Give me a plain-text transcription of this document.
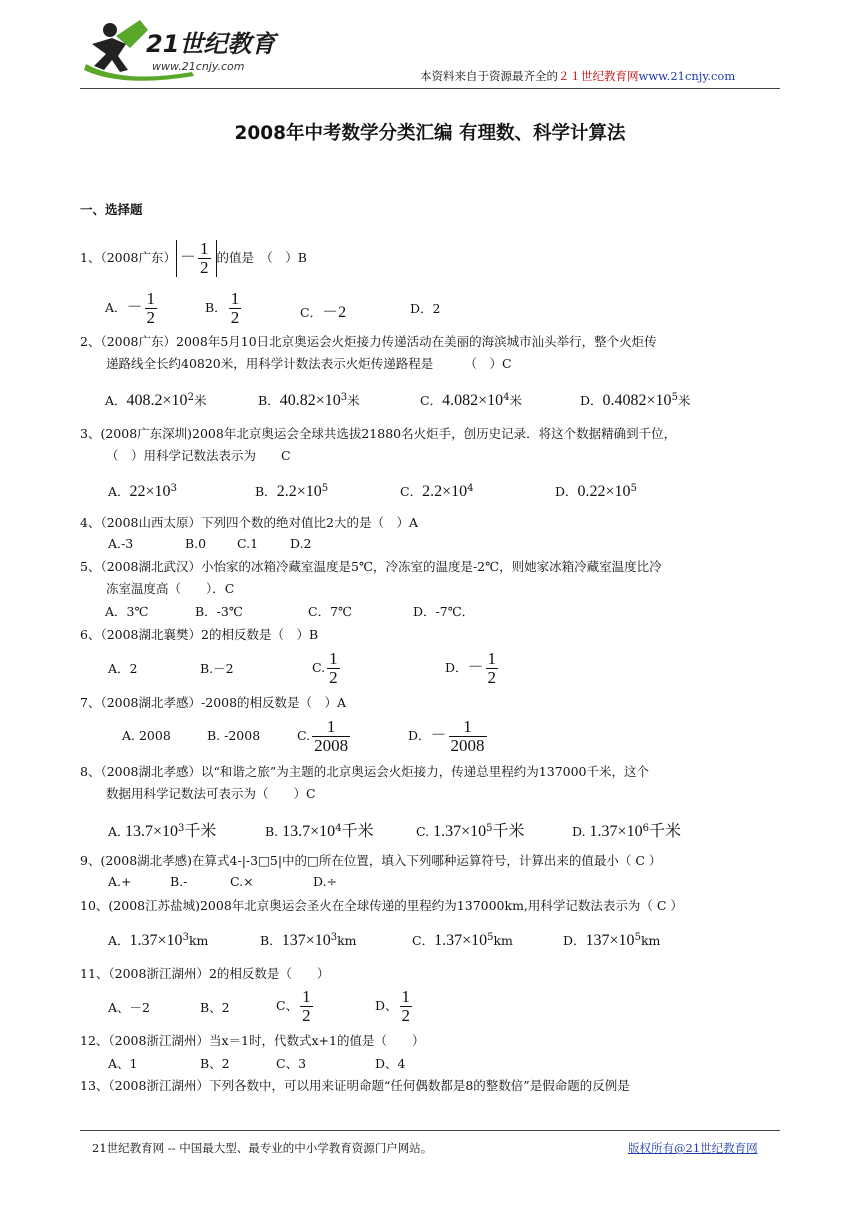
21世纪教育
www.21cnjy.com
本资料来自于资源最齐全的２１世纪教育网www.21cnjy.com
2008年中考数学分类汇编 有理数、科学计算法
一、选择题
1、（2008广东） － $\frac{1}{2}$ 的值是　（　）B
A．－ $\frac{1}{2}$	B． $\frac{1}{2}$	C．－2	D．2
2、（2008广东）2008年5月10日北京奥运会火炬接力传递活动在美丽的海滨城市汕头举行，整个火炬传
递路线全长约40820米，用科学计数法表示火炬传递路程是　　　（　）C
A．$408.2\times 10^2$米	B．$40.82\times 10^3$米	C．$4.082\times 10^4$米	D．$0.4082\times 10^5$米
3、(2008广东深圳)2008年北京奥运会全球共选拔21880名火炬手，创历史记录．将这个数据精确到千位，
（　）用科学记数法表示为　　C
A．$22\times 10^3$	B．$2.2\times 10^5$	C．$2.2\times 10^4$	D．$0.22\times 10^5$
4、（2008山西太原）下列四个数的绝对值比2大的是（　）A
A.-3	B.0 C.1	D.2
5、（2008湖北武汉）小怡家的冰箱冷藏室温度是5℃，冷冻室的温度是-2℃，则她家冰箱冷藏室温度比冷
冻室温度高（　　）．C
A．3℃	B．-3℃	C．7℃	D．-7℃．
6、（2008湖北襄樊）2的相反数是（　）B
A．2	B.－2	C. $\frac{1}{2}$	D．－ $\frac{1}{2}$
7、（2008湖北孝感）-2008的相反数是（　）A
A. 2008	B. -2008	C. $\frac{1}{2008}$	D．－ $\frac{1}{2008}$
8、（2008湖北孝感）以“和谐之旅”为主题的北京奥运会火炬接力，传递总里程约为137000千米，这个
数据用科学记数法可表示为（　　）C
A. $13.7\times 10^3$千米	B. $13.7\times 10^4$千米	C. $1.37\times 10^5$千米	D. $1.37\times 10^6$千米
9、(2008湖北孝感)在算式4-|-3□5|中的□所在位置，填入下列哪种运算符号，计算出来的值最小（ C ）
A.+	B.-	C.×	D.÷
10、(2008江苏盐城)2008年北京奥运会圣火在全球传递的里程约为137000km,用科学记数法表示为（ C ）
A．$1.37\times 10^3km$	B．$137\times 10^3km$	C．$1.37\times 10^5km$	D．$137\times 10^5km$
11、（2008浙江湖州）2的相反数是（　　）
A、－2	B、2	C、 $\frac{1}{2}$	D、 $\frac{1}{2}$
12、（2008浙江湖州）当x＝1时，代数式x+1的值是（　　）
A、1	B、2	C、3	D、4
13、（2008浙江湖州）下列各数中，可以用来证明命题“任何偶数都是8的整数倍”是假命题的反例是
21世纪教育网 -- 中国最大型、最专业的中小学教育资源门户网站。	版权所有@21世纪教育网
